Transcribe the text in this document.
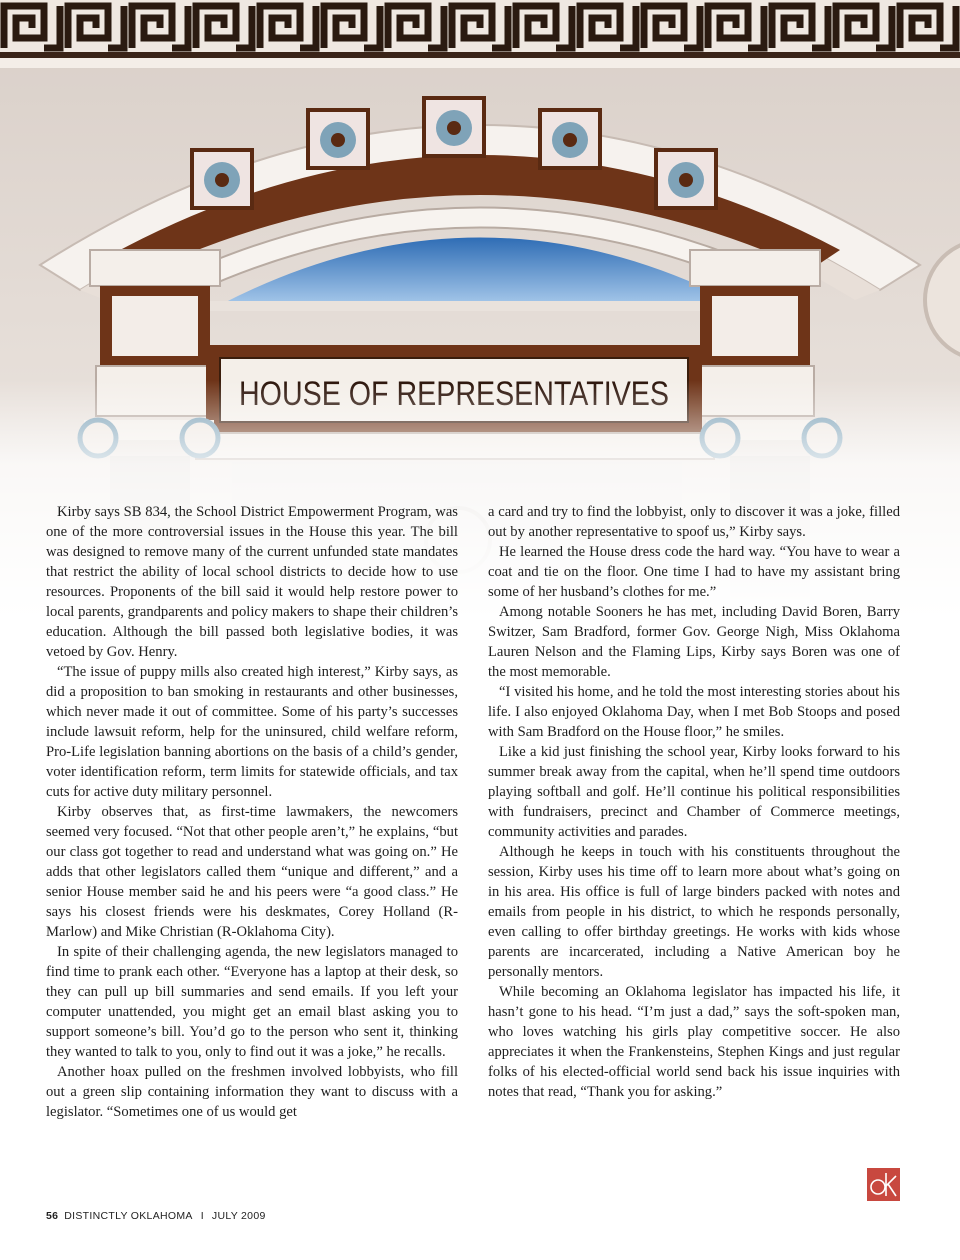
Kirby says SB 834, the School District Empowerment Program, was one of the more controversial issues in the House this year. The bill was designed to remove many of the current unfunded state mandates that restrict the ability of local school districts to decide how to use resources. Proponents of the bill said it would help restore power to local parents, grandparents and policy makers to shape their children’s education. Although the bill passed both legislative bodies, it was vetoed by Gov. Henry.

“The issue of puppy mills also created high interest,” Kirby says, as did a proposition to ban smoking in restaurants and other businesses, which never made it out of committee. Some of his party’s successes include lawsuit reform, help for the uninsured, child welfare reform, Pro-Life legislation banning abortions on the basis of a child’s gender, voter identification reform, term limits for statewide officials, and tax cuts for active duty military personnel.

Kirby observes that, as first-time lawmakers, the newcomers seemed very focused. “Not that other people aren’t,” he explains, “but our class got together to read and understand what was going on.” He adds that other legislators called them “unique and different,” and a senior House member said he and his peers were “a good class.” He says his closest friends were his deskmates, Corey Holland (R-Marlow) and Mike Christian (R-Oklahoma City).

In spite of their challenging agenda, the new legislators managed to find time to prank each other. “Everyone has a laptop at their desk, so they can pull up bill summaries and send emails. If you left your computer unattended, you might get an email blast asking you to support someone’s bill. You’d go to the person who sent it, thinking they wanted to talk to you, only to find out it was a joke,” he recalls.

Another hoax pulled on the freshmen involved lobbyists, who fill out a green slip containing information they want to discuss with a legislator. “Sometimes one of us would get

a card and try to find the lobbyist, only to discover it was a joke, filled out by another representative to spoof us,” Kirby says.

He learned the House dress code the hard way. “You have to wear a coat and tie on the floor. One time I had to have my assistant bring some of her husband’s clothes for me.”

Among notable Sooners he has met, including David Boren, Barry Switzer, Sam Bradford, former Gov. George Nigh, Miss Oklahoma Lauren Nelson and the Flaming Lips, Kirby says Boren was one of the most memorable.

“I visited his home, and he told the most interesting stories about his life. I also enjoyed Oklahoma Day, when I met Bob Stoops and posed with Sam Bradford on the House floor,” he smiles.

Like a kid just finishing the school year, Kirby looks forward to his summer break away from the capital, when he’ll spend time outdoors playing softball and golf. He’ll continue his political responsibilities with fundraisers, precinct and Chamber of Commerce meetings, community activities and parades.

Although he keeps in touch with his constituents throughout the session, Kirby uses his time off to learn more about what’s going on in his area. His office is full of large binders packed with notes and emails from people in his district, to which he responds personally, even calling to offer birthday greetings. He works with kids whose parents are incarcerated, including a Native American boy he personally mentors.

While becoming an Oklahoma legislator has impacted his life, it hasn’t gone to his head. “I’m just a dad,” says the soft-spoken man, who loves watching his girls play competitive soccer. He also appreciates it when the Frankensteins, Stephen Kings and just regular folks of his elected-official world send back his issue inquiries with notes that read, “Thank you for asking.”

56 DISTINCTLY OKLAHOMA I JULY 2009
